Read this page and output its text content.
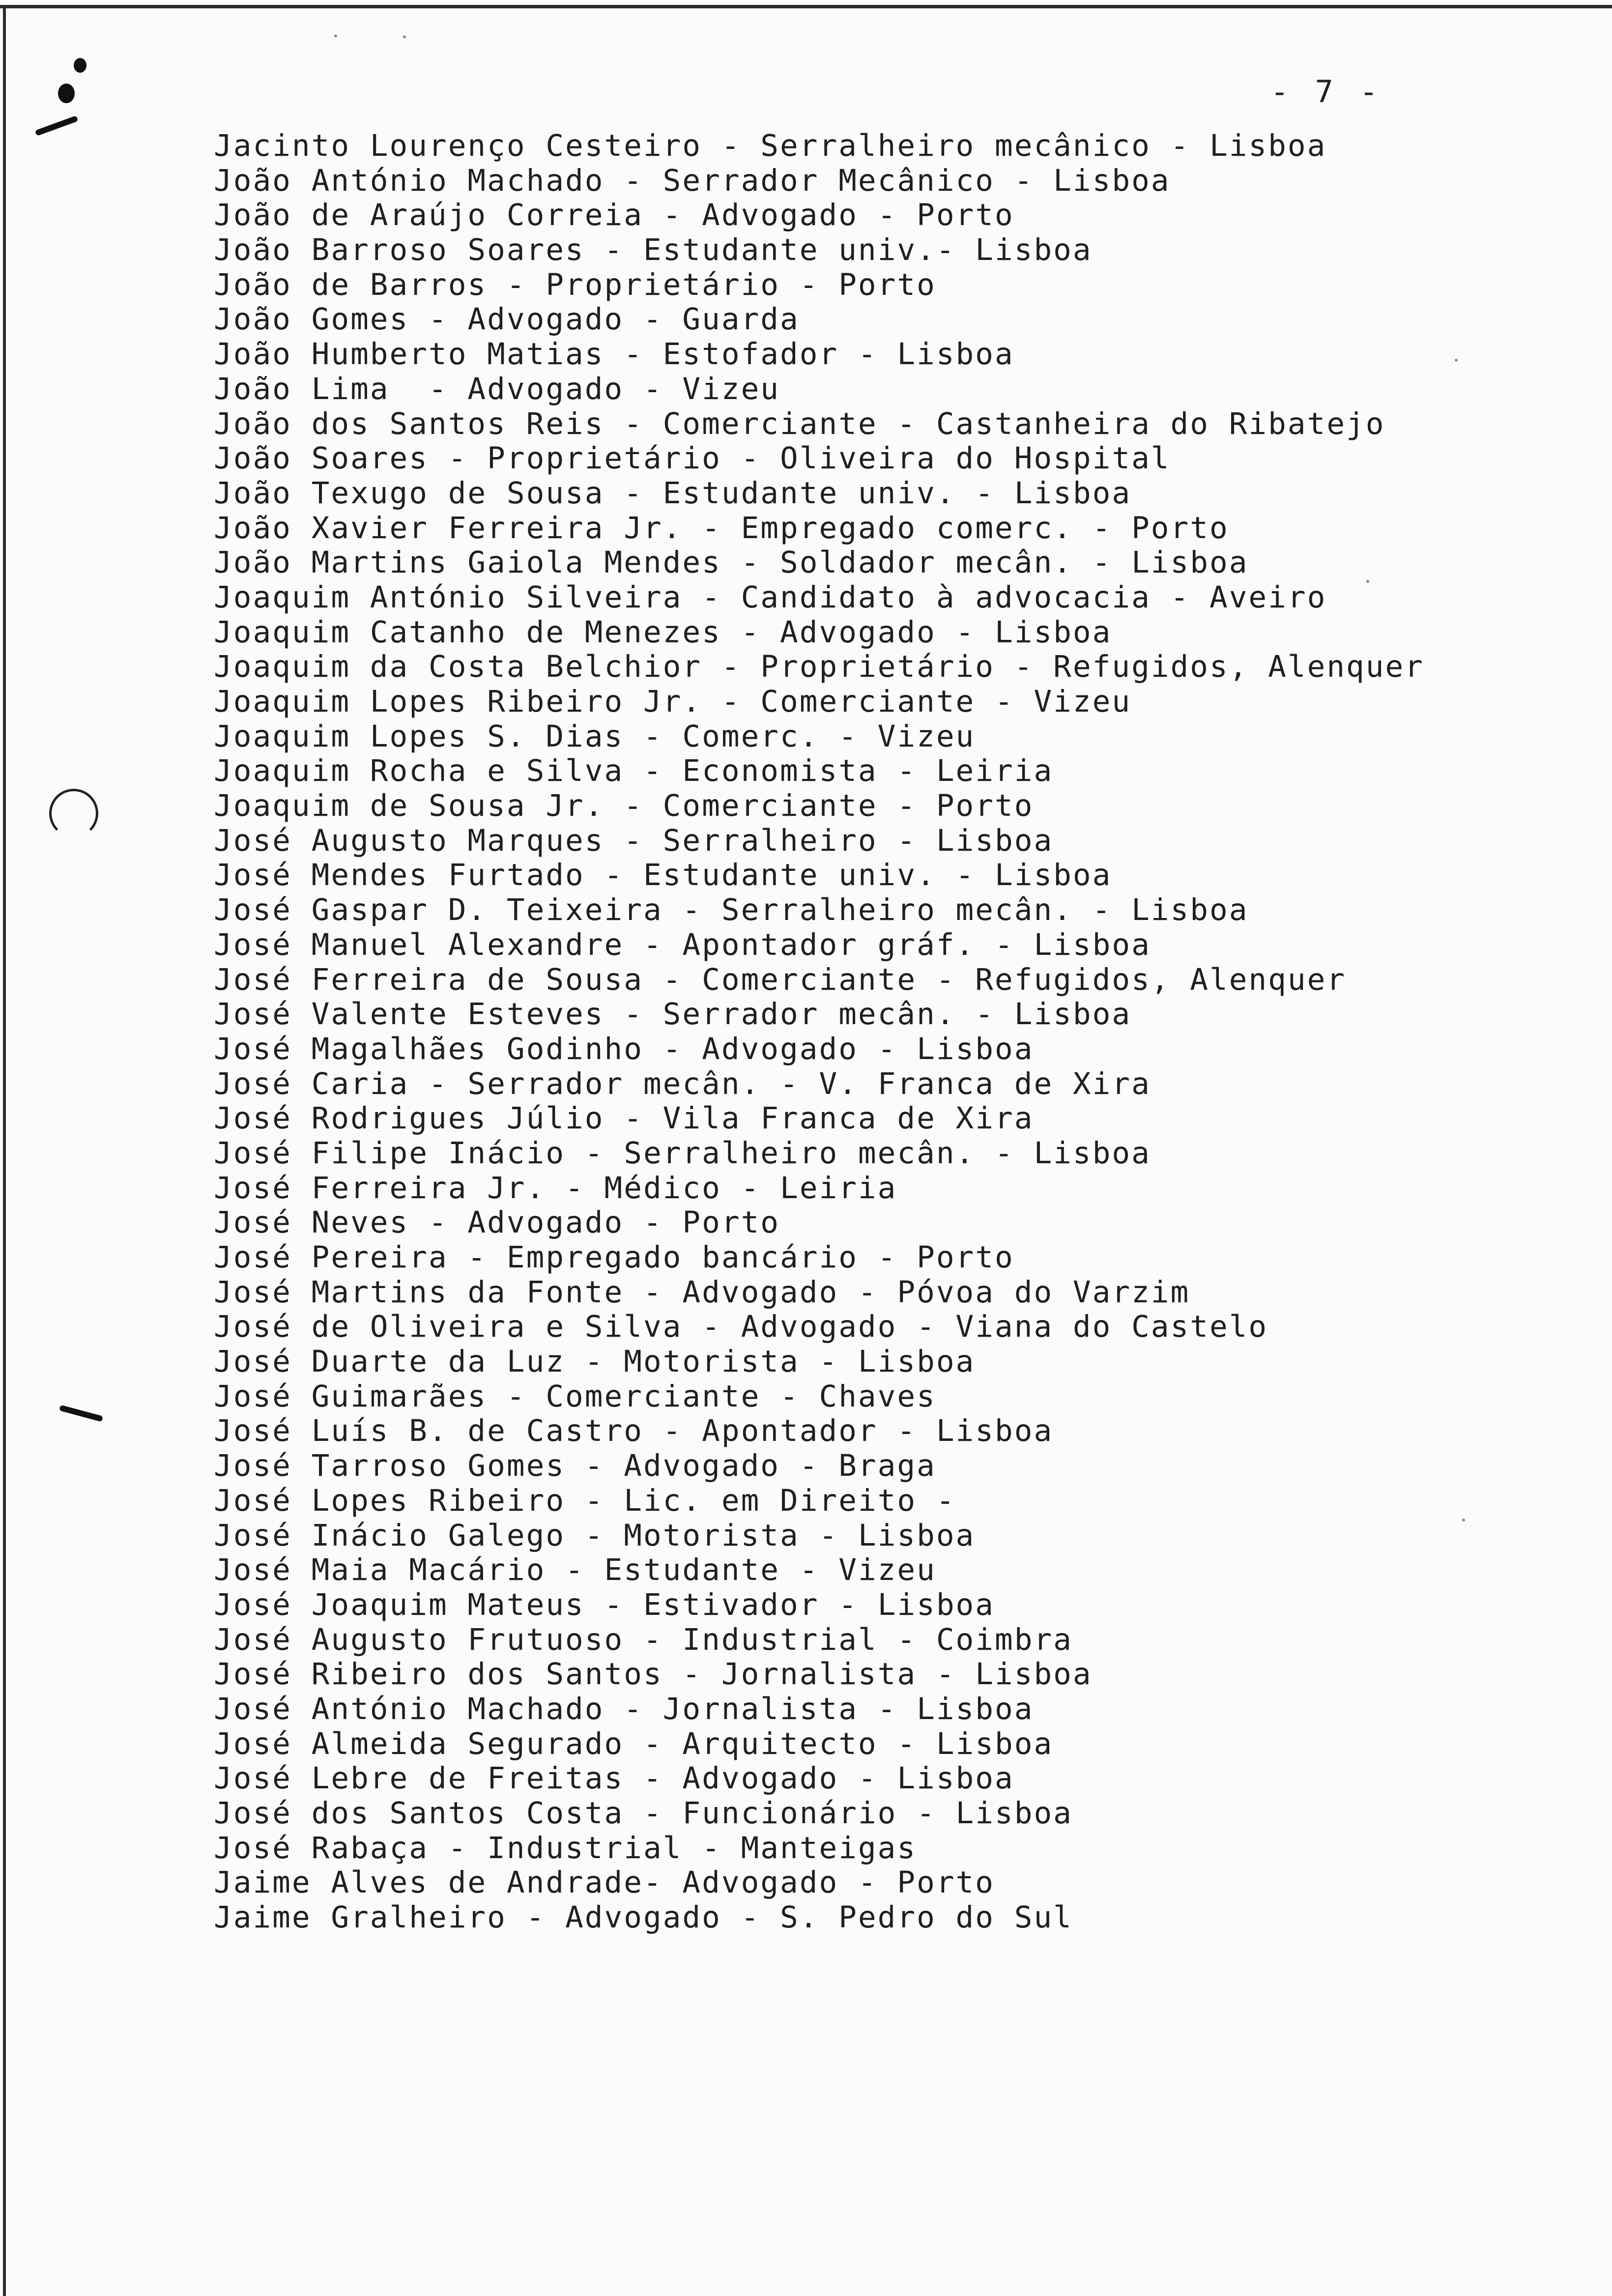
- 7 -
Jacinto Lourenço Cesteiro - Serralheiro mecânico - Lisboa
João António Machado - Serrador Mecânico - Lisboa
João de Araújo Correia - Advogado - Porto
João Barroso Soares - Estudante univ.- Lisboa
João de Barros - Proprietário - Porto
João Gomes - Advogado - Guarda
João Humberto Matias - Estofador - Lisboa
João Lima  - Advogado - Vizeu
João dos Santos Reis - Comerciante - Castanheira do Ribatejo
João Soares - Proprietário - Oliveira do Hospital
João Texugo de Sousa - Estudante univ. - Lisboa
João Xavier Ferreira Jr. - Empregado comerc. - Porto
João Martins Gaiola Mendes - Soldador mecân. - Lisboa
Joaquim António Silveira - Candidato à advocacia - Aveiro
Joaquim Catanho de Menezes - Advogado - Lisboa
Joaquim da Costa Belchior - Proprietário - Refugidos, Alenquer
Joaquim Lopes Ribeiro Jr. - Comerciante - Vizeu
Joaquim Lopes S. Dias - Comerc. - Vizeu
Joaquim Rocha e Silva - Economista - Leiria
Joaquim de Sousa Jr. - Comerciante - Porto
José Augusto Marques - Serralheiro - Lisboa
José Mendes Furtado - Estudante univ. - Lisboa
José Gaspar D. Teixeira - Serralheiro mecân. - Lisboa
José Manuel Alexandre - Apontador gráf. - Lisboa
José Ferreira de Sousa - Comerciante - Refugidos, Alenquer
José Valente Esteves - Serrador mecân. - Lisboa
José Magalhães Godinho - Advogado - Lisboa
José Caria - Serrador mecân. - V. Franca de Xira
José Rodrigues Júlio - Vila Franca de Xira
José Filipe Inácio - Serralheiro mecân. - Lisboa
José Ferreira Jr. - Médico - Leiria
José Neves - Advogado - Porto
José Pereira - Empregado bancário - Porto
José Martins da Fonte - Advogado - Póvoa do Varzim
José de Oliveira e Silva - Advogado - Viana do Castelo
José Duarte da Luz - Motorista - Lisboa
José Guimarães - Comerciante - Chaves
José Luís B. de Castro - Apontador - Lisboa
José Tarroso Gomes - Advogado - Braga
José Lopes Ribeiro - Lic. em Direito -
José Inácio Galego - Motorista - Lisboa
José Maia Macário - Estudante - Vizeu
José Joaquim Mateus - Estivador - Lisboa
José Augusto Frutuoso - Industrial - Coimbra
José Ribeiro dos Santos - Jornalista - Lisboa
José António Machado - Jornalista - Lisboa
José Almeida Segurado - Arquitecto - Lisboa
José Lebre de Freitas - Advogado - Lisboa
José dos Santos Costa - Funcionário - Lisboa
José Rabaça - Industrial - Manteigas
Jaime Alves de Andrade- Advogado - Porto
Jaime Gralheiro - Advogado - S. Pedro do Sul
